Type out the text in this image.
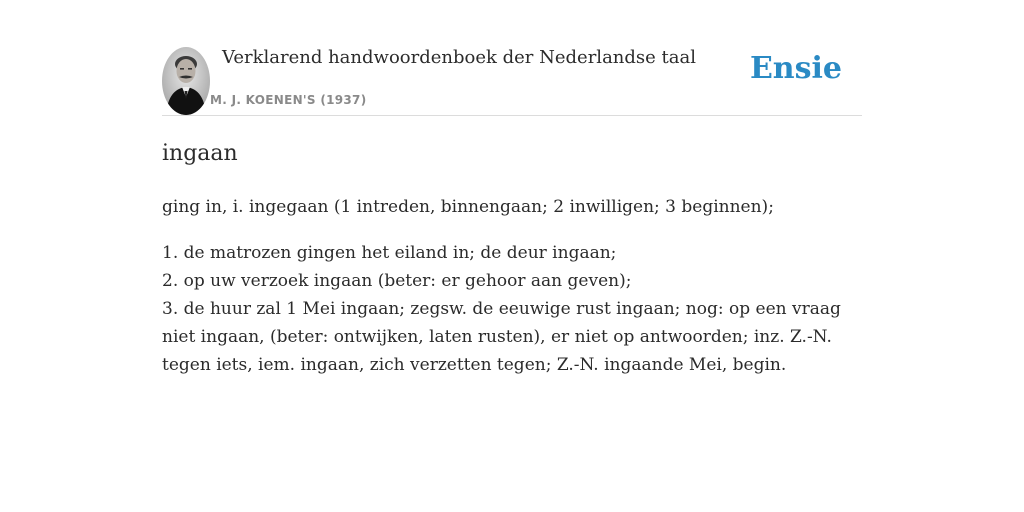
Verklarend handwoordenboek der Nederlandse taal
M. J. KOENEN'S (1937)
Ensie
ingaan

ging in, i. ingegaan (1 intreden, binnengaan; 2 inwilligen; 3 beginnen);

1. de matrozen gingen het eiland in; de deur ingaan;
2. op uw verzoek ingaan (beter: er gehoor aan geven);
3. de huur zal 1 Mei ingaan; zegsw. de eeuwige rust ingaan; nog: op een vraag niet ingaan, (beter: ontwijken, laten rusten), er niet op antwoorden; inz. Z.-N. tegen iets, iem. ingaan, zich verzetten tegen; Z.-N. ingaande Mei, begin.
